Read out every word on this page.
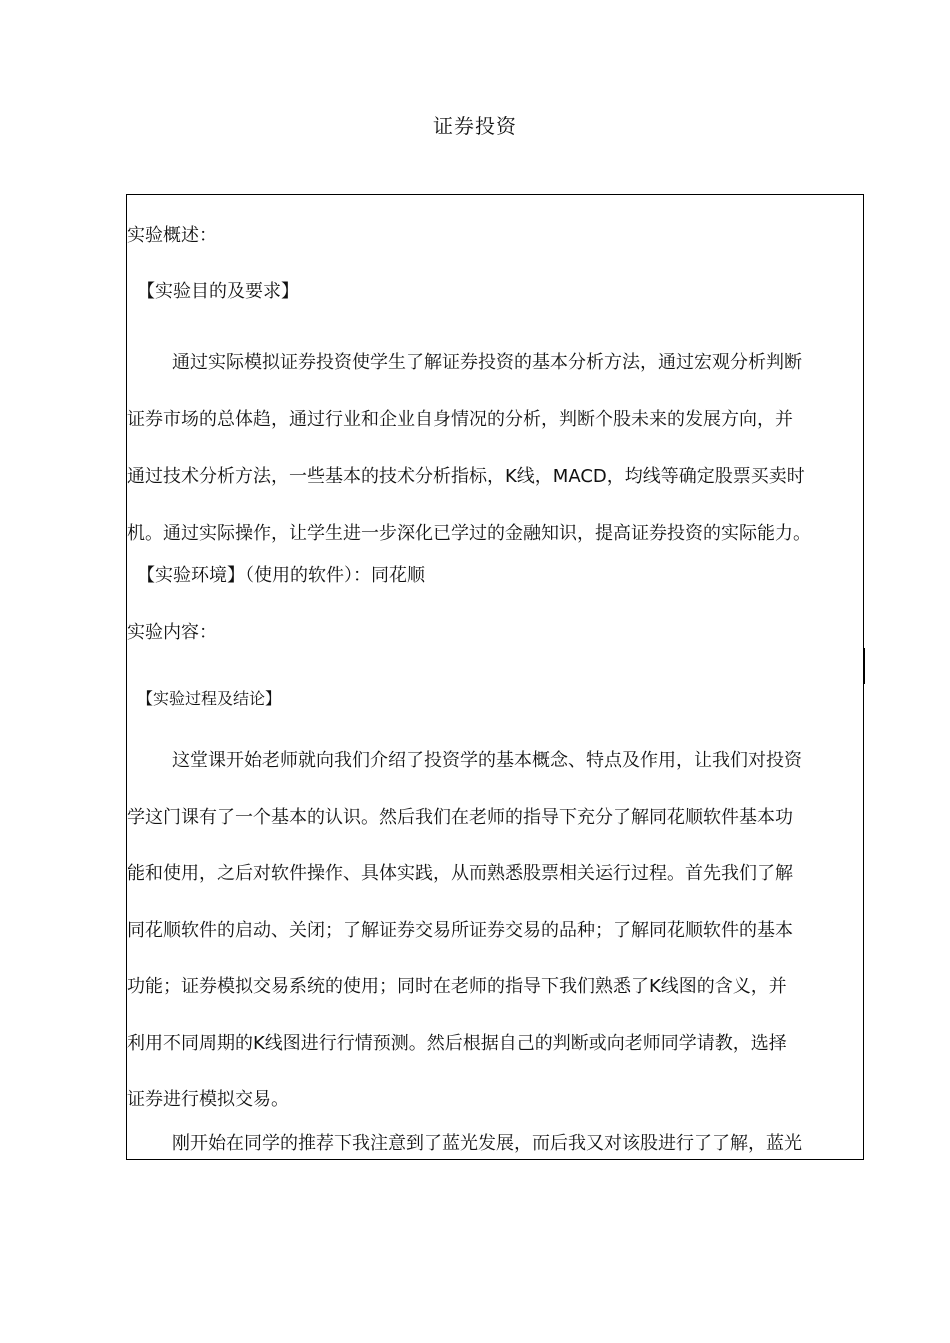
证券投资
实验概述：
【实验目的及要求】
通过实际模拟证券投资使学生了解证券投资的基本分析方法，通过宏观分析判断
证券市场的总体趋，通过行业和企业自身情况的分析，判断个股未来的发展方向，并
通过技术分析方法，一些基本的技术分析指标，K线，MACD，均线等确定股票买卖时
机。通过实际操作，让学生进一步深化已学过的金融知识，提高证券投资的实际能力。
【实验环境】（使用的软件）：同花顺
实验内容：
【实验过程及结论】
这堂课开始老师就向我们介绍了投资学的基本概念、特点及作用，让我们对投资
学这门课有了一个基本的认识。然后我们在老师的指导下充分了解同花顺软件基本功
能和使用，之后对软件操作、具体实践，从而熟悉股票相关运行过程。首先我们了解
同花顺软件的启动、关闭；了解证券交易所证券交易的品种；了解同花顺软件的基本
功能；证券模拟交易系统的使用；同时在老师的指导下我们熟悉了K线图的含义，并
利用不同周期的K线图进行行情预测。然后根据自己的判断或向老师同学请教，选择
证券进行模拟交易。
刚开始在同学的推荐下我注意到了蓝光发展，而后我又对该股进行了了解，蓝光
